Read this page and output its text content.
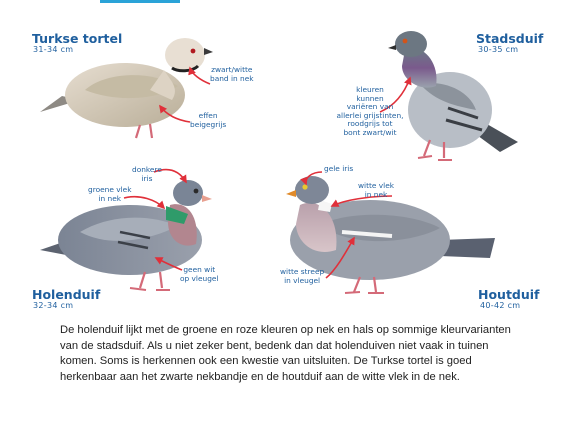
Turkse tortel
31-34 cm
zwart/witte
band in nek
effen
beigegrijs
Stadsduif
30-35 cm
kleuren
kunnen
variëren van
allerlei grijstinten,
roodgrijs tot
bont zwart/wit
Holenduif
32-34 cm
donkere
iris
groene vlek
in nek
geen wit
op vleugel
Houtduif
40-42 cm
gele iris
witte vlek
in nek
witte streep
in vleugel

De holenduif lijkt met de groene en roze kleuren op nek en hals op sommige kleurvarianten van de stadsduif. Als u niet zeker bent, bedenk dan dat holenduiven niet vaak in tuinen komen. Soms is herkennen ook een kwestie van uitsluiten. De Turkse tortel is goed herkenbaar aan het zwarte nekbandje en de houtduif aan de witte vlek in de nek.
